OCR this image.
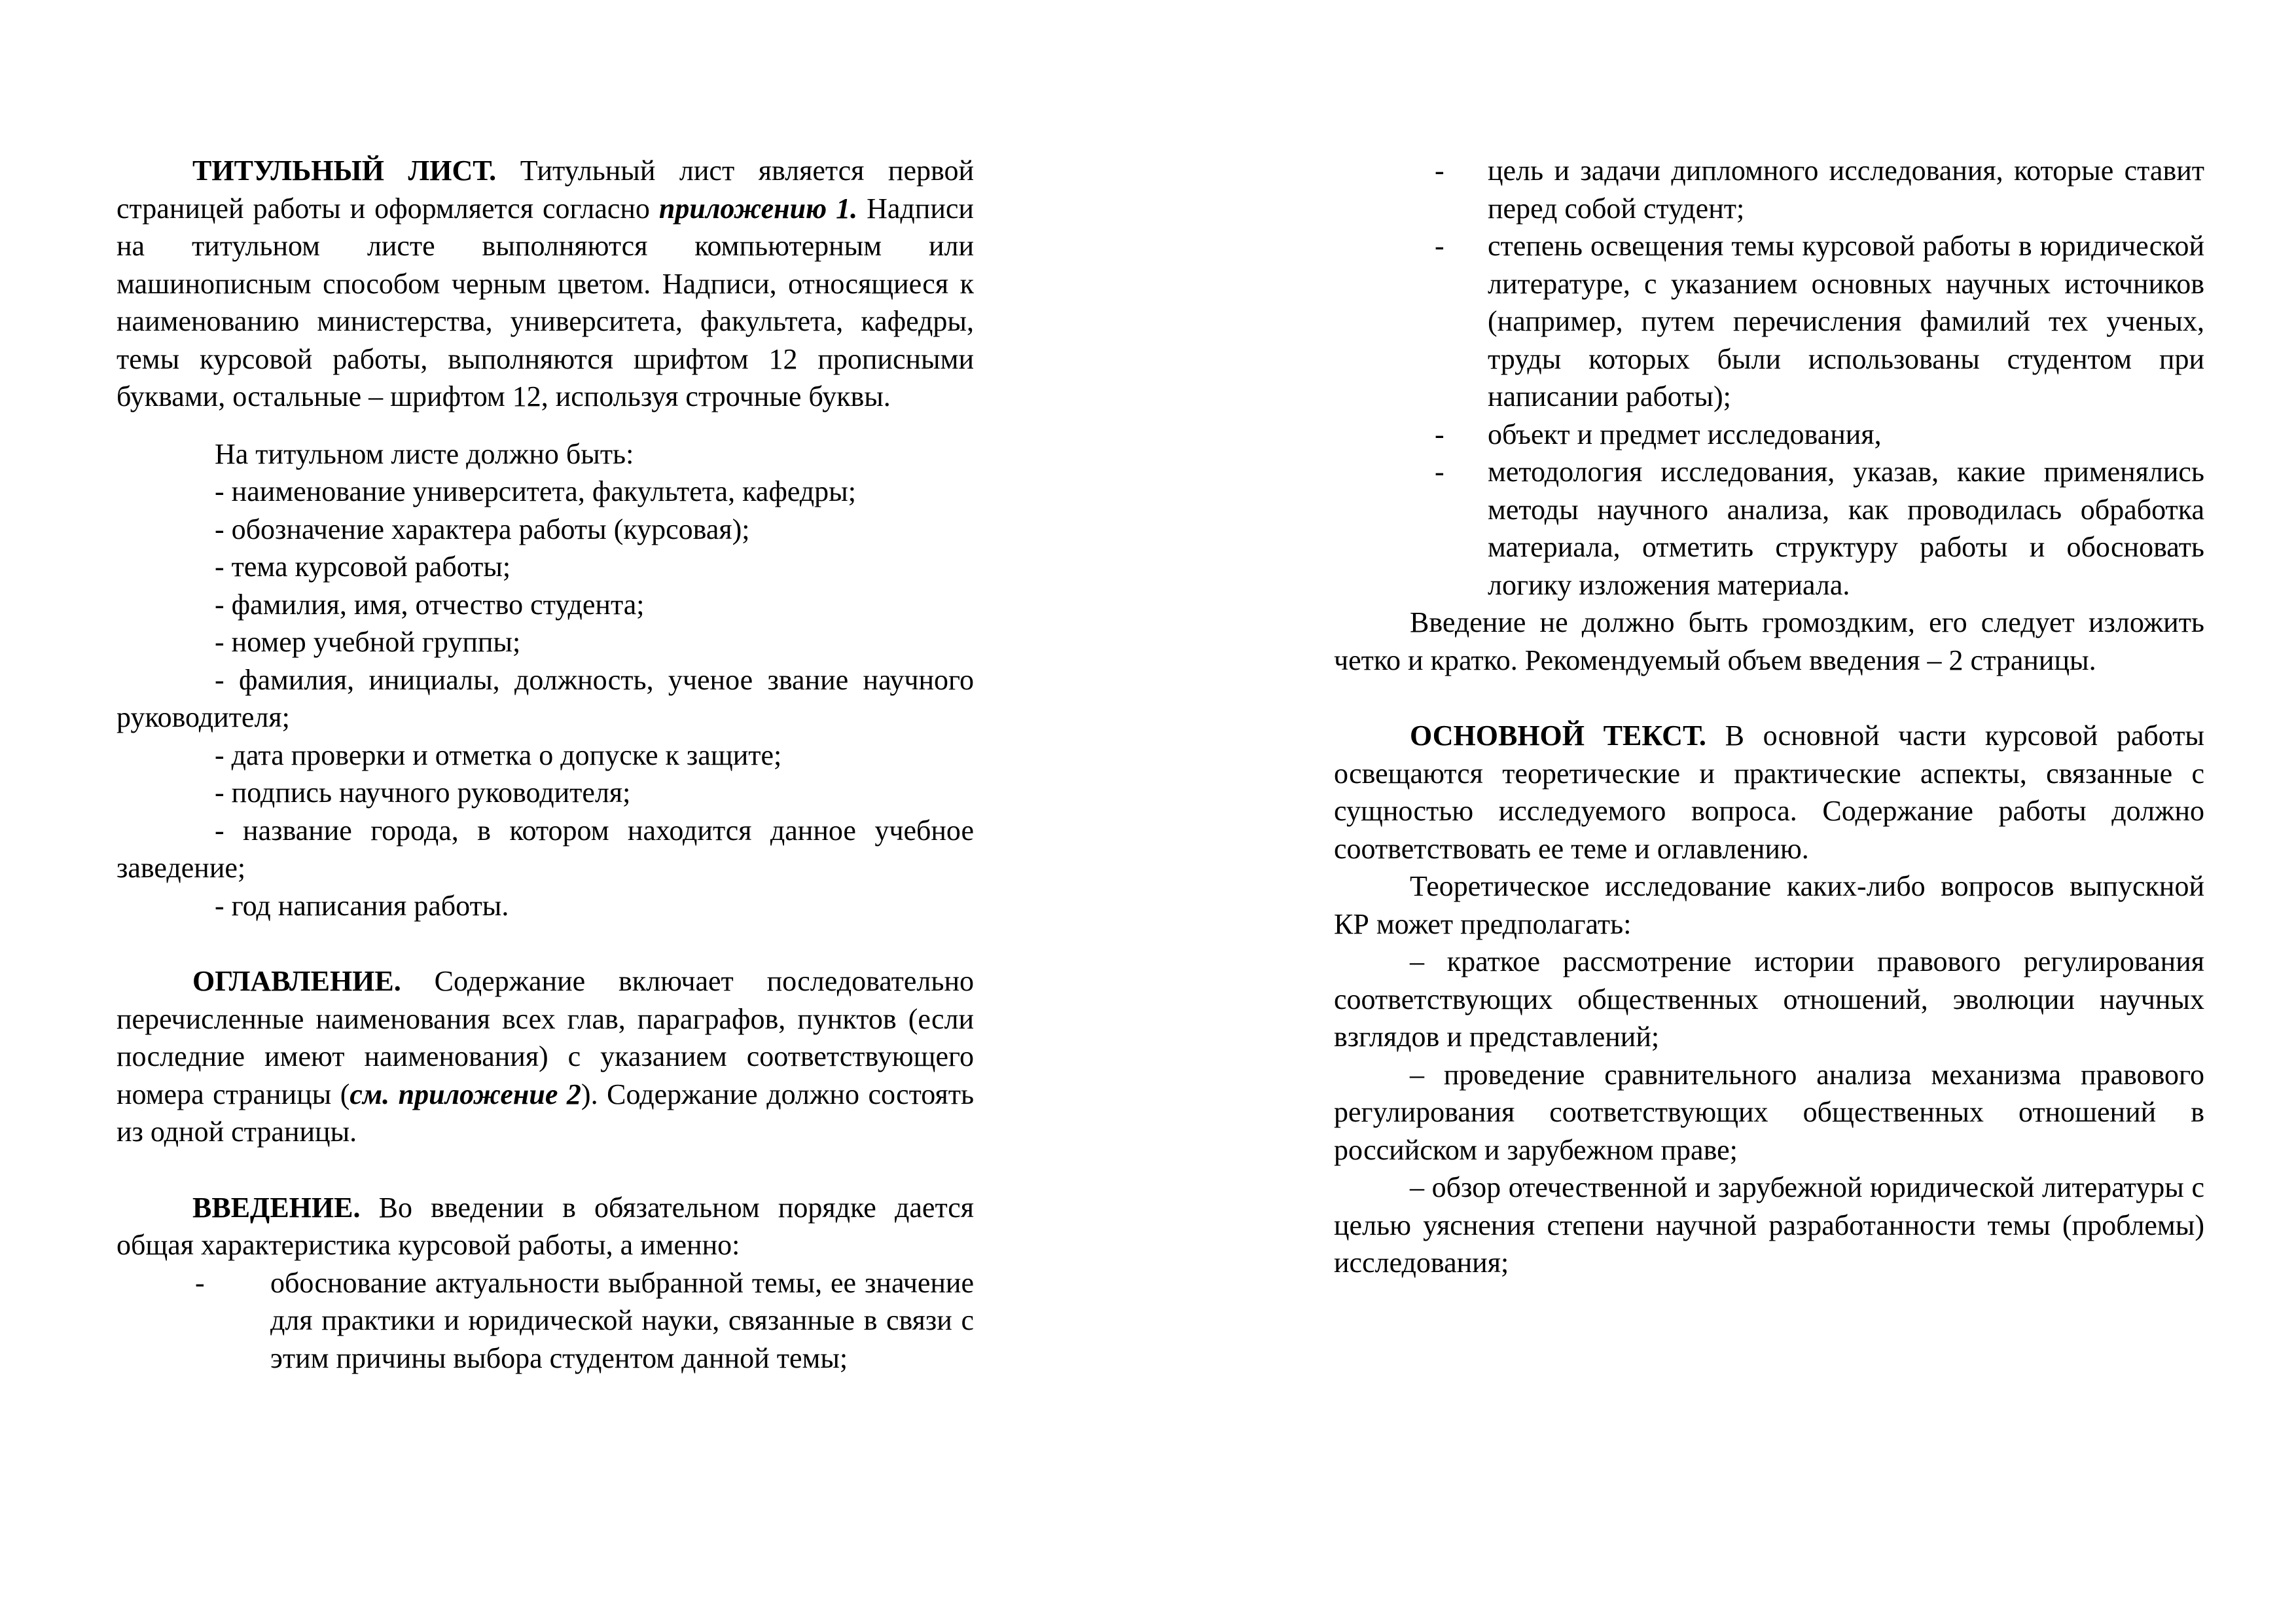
ТИТУЛЬНЫЙ ЛИСТ. Титульный лист является первой страницей работы и оформляется согласно приложению 1. Надписи на титульном листе выполняются компьютерным или машинописным способом черным цветом. Надписи, относящиеся к наименованию министерства, университета, факультета, кафедры, темы курсовой работы, выполняются шрифтом 12 прописными буквами, остальные – шрифтом 12, используя строчные буквы.

На титульном листе должно быть:

- наименование университета, факультета, кафедры;

- обозначение характера работы (курсовая);

- тема курсовой работы;

- фамилия, имя, отчество студента;

- номер учебной группы;

- фамилия, инициалы, должность, ученое звание научного руководителя;

- дата проверки и отметка о допуске к защите;

- подпись научного руководителя;

- название города, в котором находится данное учебное заведение;

- год написания работы.

ОГЛАВЛЕНИЕ. Содержание включает последовательно перечисленные наименования всех глав, параграфов, пунктов (если последние имеют наименования) с указанием соответствующего номера страницы (см. приложение 2). Содержание должно состоять из одной страницы.

ВВЕДЕНИЕ. Во введении в обязательном порядке дается общая характеристика курсовой работы, а именно:

-	обоснование актуальности выбранной темы, ее значение для практики и юридической науки, связанные в связи с этим причины выбора студентом данной темы;
-	цель и задачи дипломного исследования, которые ставит перед собой студент;
-	степень освещения темы курсовой работы в юридической литературе, с указанием основных научных источников (например, путем перечисления фамилий тех ученых, труды которых были использованы студентом при написании работы);
-	объект и предмет исследования,
-	методология исследования, указав, какие применялись методы научного анализа, как проводилась обработка материала, отметить структуру работы и обосновать логику изложения материала.

Введение не должно быть громоздким, его следует изложить четко и кратко. Рекомендуемый объем введения – 2 страницы.

ОСНОВНОЙ ТЕКСТ. В основной части курсовой работы освещаются теоретические и практические аспекты, связанные с сущностью исследуемого вопроса. Содержание работы должно соответствовать ее теме и оглавлению.

Теоретическое исследование каких-либо вопросов выпускной КР может предполагать:

– краткое рассмотрение истории правового регулирования соответствующих общественных отношений, эволюции научных взглядов и представлений;

– проведение сравнительного анализа механизма правового регулирования соответствующих общественных отношений в российском и зарубежном праве;

– обзор отечественной и зарубежной юридической литературы с целью уяснения степени научной разработанности темы (проблемы) исследования;
